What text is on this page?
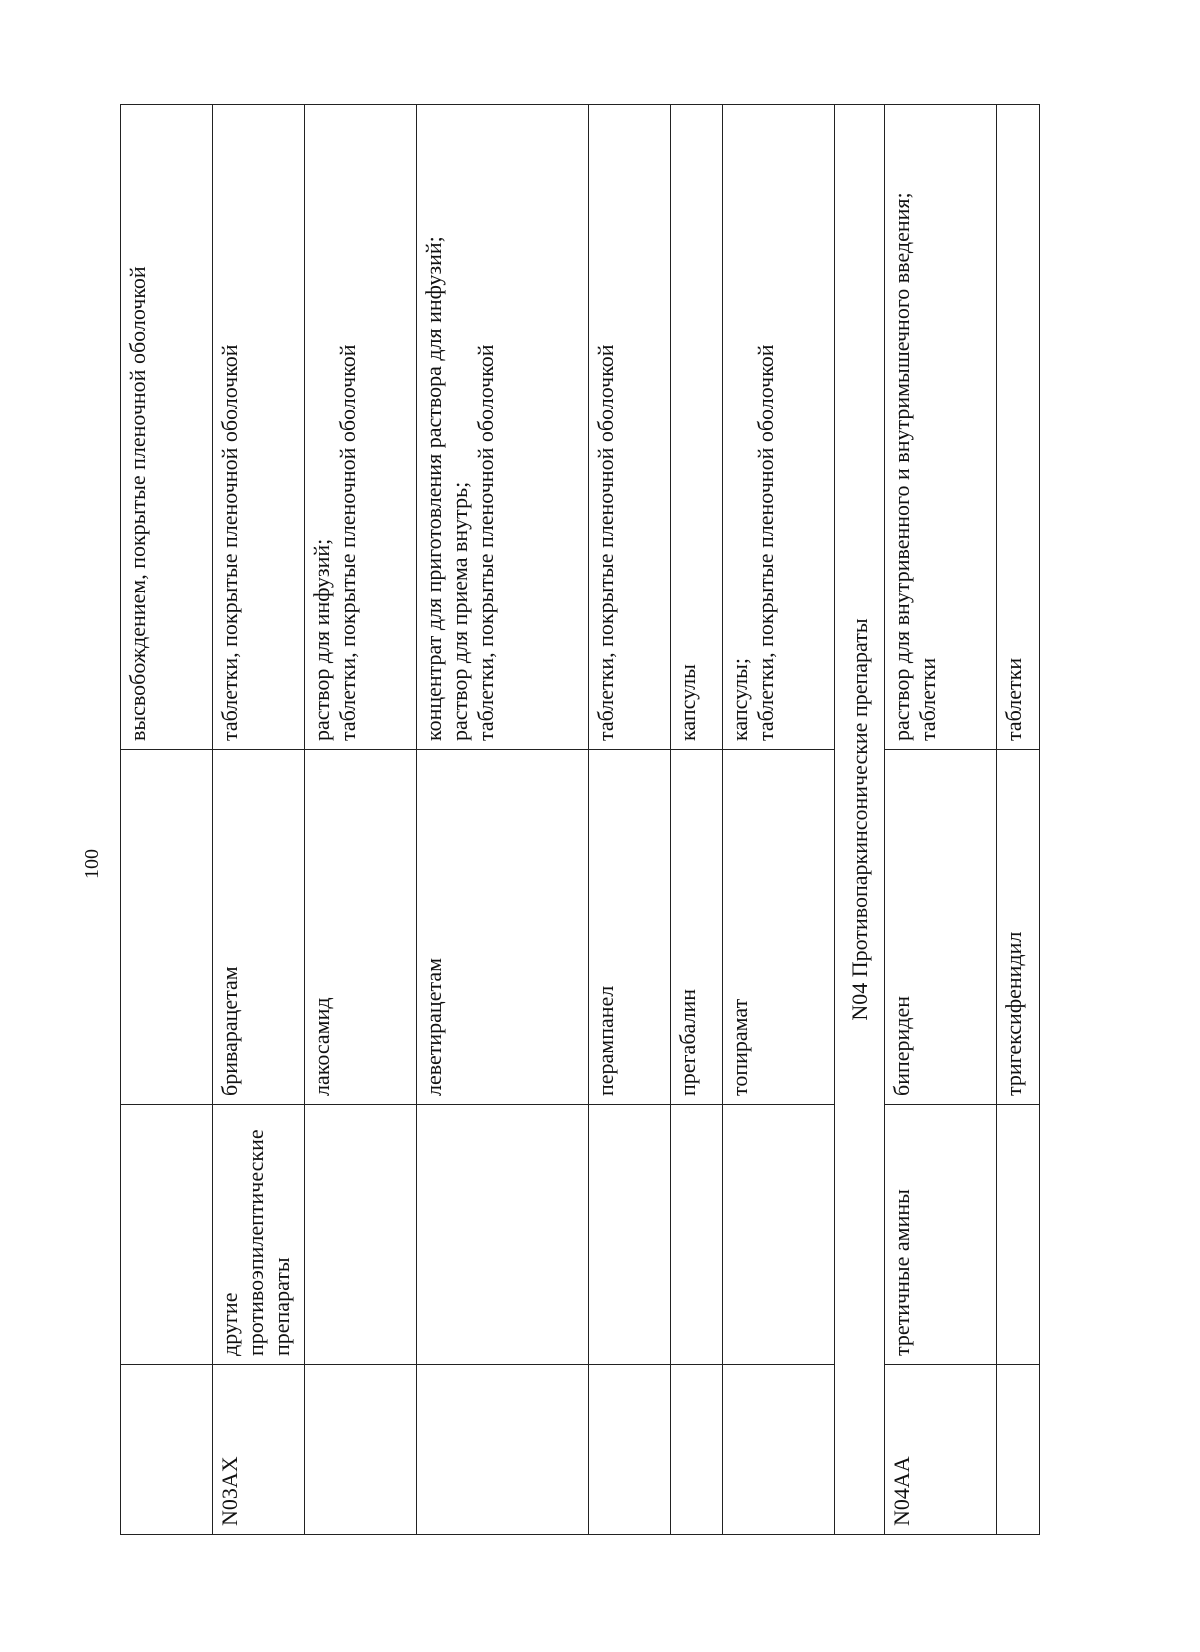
100

			высвобождением, покрытые пленочной оболочкой

N03AX	другие противоэпилептические препараты	бриварацетам	таблетки, покрытые пленочной оболочкой

		лакосамид	раствор для инфузий; таблетки, покрытые пленочной оболочкой

		леветирацетам	концентрат для приготовления раствора для инфузий; раствор для приема внутрь; таблетки, покрытые пленочной оболочкой

		перампанел	таблетки, покрытые пленочной оболочкой

		прегабалин	капсулы

		топирамат	капсулы; таблетки, покрытые пленочной оболочкой

N04 Противопаркинсонические препараты			
N04AA	третичные амины	бипериден	раствор для внутривенного и внутримышечного введения; таблетки

		тригексифенидил	таблетки
